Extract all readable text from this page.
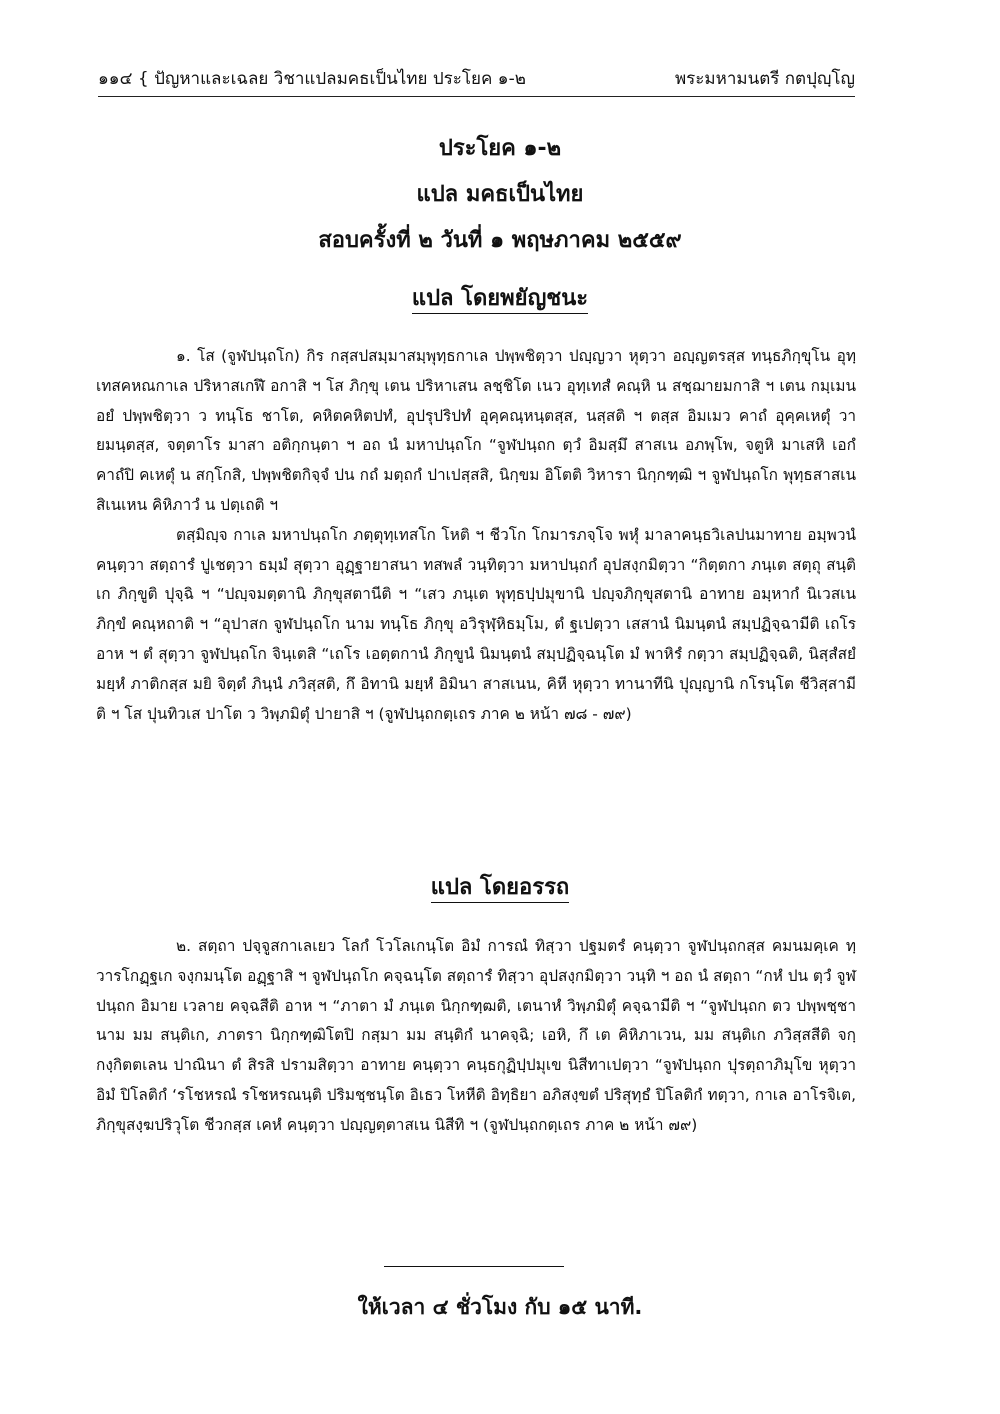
๑๑๔ { ปัญหาและเฉลย วิชาแปลมคธเป็นไทย ประโยค ๑-๒	พระมหามนตรี กตปุญฺโญ
ประโยค ๑-๒
แปล มคธเป็นไทย
สอบครั้งที่ ๒ วันที่ ๑ พฤษภาคม ๒๕๕๙
แปล โดยพยัญชนะ

๑. โส (จูฬปนฺถโก) กิร กสฺสปสมฺมาสมฺพุทฺธกาเล ปพฺพชิตฺวา ปญฺญวา หุตฺวา อญฺญตรสฺส ทนฺธภิกฺขุโน อุทฺเทสคหณกาเล ปริหาสเกฬึ อกาสิ ฯ โส ภิกฺขุ เตน ปริหาเสน ลชฺชิโต เนว อุทฺเทสํ คณฺหิ น สชฺฌายมกาสิ ฯ เตน กมฺเมน อยํ ปพฺพชิตฺวา ว ทนฺโธ ชาโต, คหิตคหิตปทํ, อุปรุปริปทํ อุคฺคณฺหนฺตสฺส, นสฺสติ ฯ ตสฺส อิมเมว คาถํ อุคฺคเหตุํ วายมนฺตสฺส, จตฺตาโร มาสา อติกฺกนฺตา ฯ อถ นํ มหาปนฺถโก “จูฬปนฺถก ตฺวํ อิมสฺมึ สาสเน อภพฺโพ, จตูหิ มาเสหิ เอกํ คาถํปิ คเหตุํ น สกฺโกสิ, ปพฺพชิตกิจฺจํ ปน กถํ มตฺถกํ ปาเปสฺสสิ, นิกฺขม อิโตติ วิหารา นิกฺกฑฺฒิ ฯ จูฬปนฺถโก พุทฺธสาสเน สิเนเหน คิหิภาวํ น ปตฺเถติ ฯ

ตสฺมิญฺจ กาเล มหาปนฺถโก ภตฺตุทฺเทสโก โหติ ฯ ชีวโก โกมารภจฺโจ พหุํ มาลาคนฺธวิเลปนมาทาย อมฺพวนํ คนฺตฺวา สตฺถารํ ปูเชตฺวา ธมฺมํ สุตฺวา อุฏฺฐายาสนา ทสพลํ วนฺทิตฺวา มหาปนฺถกํ อุปสงฺกมิตฺวา “กิตฺตกา ภนฺเต สตฺถุ สนฺติเก ภิกฺขูติ ปุจฺฉิ ฯ “ปญฺจมตฺตานิ ภิกฺขุสตานีติ ฯ “เสว ภนฺเต พุทฺธปฺปมุขานิ ปญฺจภิกฺขุสตานิ อาทาย อมฺหากํ นิเวสเน ภิกฺขํ คณฺหถาติ ฯ “อุปาสก จูฬปนฺถโก นาม ทนฺโธ ภิกฺขุ อวิรุฬฺหิธมฺโม, ตํ ฐเปตฺวา เสสานํ นิมนฺตนํ สมฺปฏิจฺฉามีติ เถโร อาห ฯ ตํ สุตฺวา จูฬปนฺถโก จินฺเตสิ “เถโร เอตฺตกานํ ภิกฺขูนํ นิมนฺตนํ สมฺปฏิจฺฉนฺโต มํ พาหิรํ กตฺวา สมฺปฏิจฺฉติ, นิสฺสํสยํ มยฺหํ ภาติกสฺส มยิ จิตฺตํ ภินฺนํ ภวิสฺสติ, กึ อิทานิ มยฺหํ อิมินา สาสเนน, คิหี หุตฺวา ทานาทีนิ ปุญฺญานิ กโรนฺโต ชีวิสฺสามีติ ฯ โส ปุนทิวเส ปาโต ว วิพฺภมิตุํ ปายาสิ ฯ (จูฬปนฺถกตฺเถร ภาค ๒ หน้า ๗๘ - ๗๙)

แปล โดยอรรถ

๒. สตฺถา ปจฺจูสกาเลเยว โลกํ โวโลเกนฺโต อิมํ การณํ ทิสฺวา ปฐมตรํ คนฺตฺวา จูฬปนฺถกสฺส คมนมคฺเค ทฺวารโกฏฺฐเก จงฺกมนฺโต อฏฺฐาสิ ฯ จูฬปนฺถโก คจฺฉนฺโต สตฺถารํ ทิสฺวา อุปสงฺกมิตฺวา วนฺทิ ฯ อถ นํ สตฺถา “กหํ ปน ตฺวํ จูฬปนฺถก อิมาย เวลาย คจฺฉสีติ อาห ฯ “ภาตา มํ ภนฺเต นิกฺกฑฺฒติ, เตนาหํ วิพฺภมิตุํ คจฺฉามีติ ฯ “จูฬปนฺถก ตว ปพฺพชฺชา นาม มม สนฺติเก, ภาตรา นิกฺกฑฺฒิโตปิ กสฺมา มม สนฺติกํ นาคจฺฉิ; เอหิ, กึ เต คิหิภาเวน, มม สนฺติเก ภวิสฺสสีติ จกฺกงฺกิตตเลน ปาณินา ตํ สิรสิ ปรามสิตฺวา อาทาย คนฺตฺวา คนฺธกุฏิปฺปมุเข นิสีทาเปตฺวา “จูฬปนฺถก ปุรตฺถาภิมุโข หุตฺวา อิมํ ปิโลติกํ ‘รโชหรณํ รโชหรณนฺติ ปริมชฺชนฺโต อิเธว โหหีติ อิทฺธิยา อภิสงฺขตํ ปริสุทฺธํ ปิโลติกํ ทตฺวา, กาเล อาโรจิเต, ภิกฺขุสงฺฆปริวุโต ชีวกสฺส เคหํ คนฺตฺวา ปญฺญตฺตาสเน นิสีทิ ฯ (จูฬปนฺถกตฺเถร ภาค ๒ หน้า ๗๙)

ให้เวลา ๔ ชั่วโมง กับ ๑๕ นาที.
